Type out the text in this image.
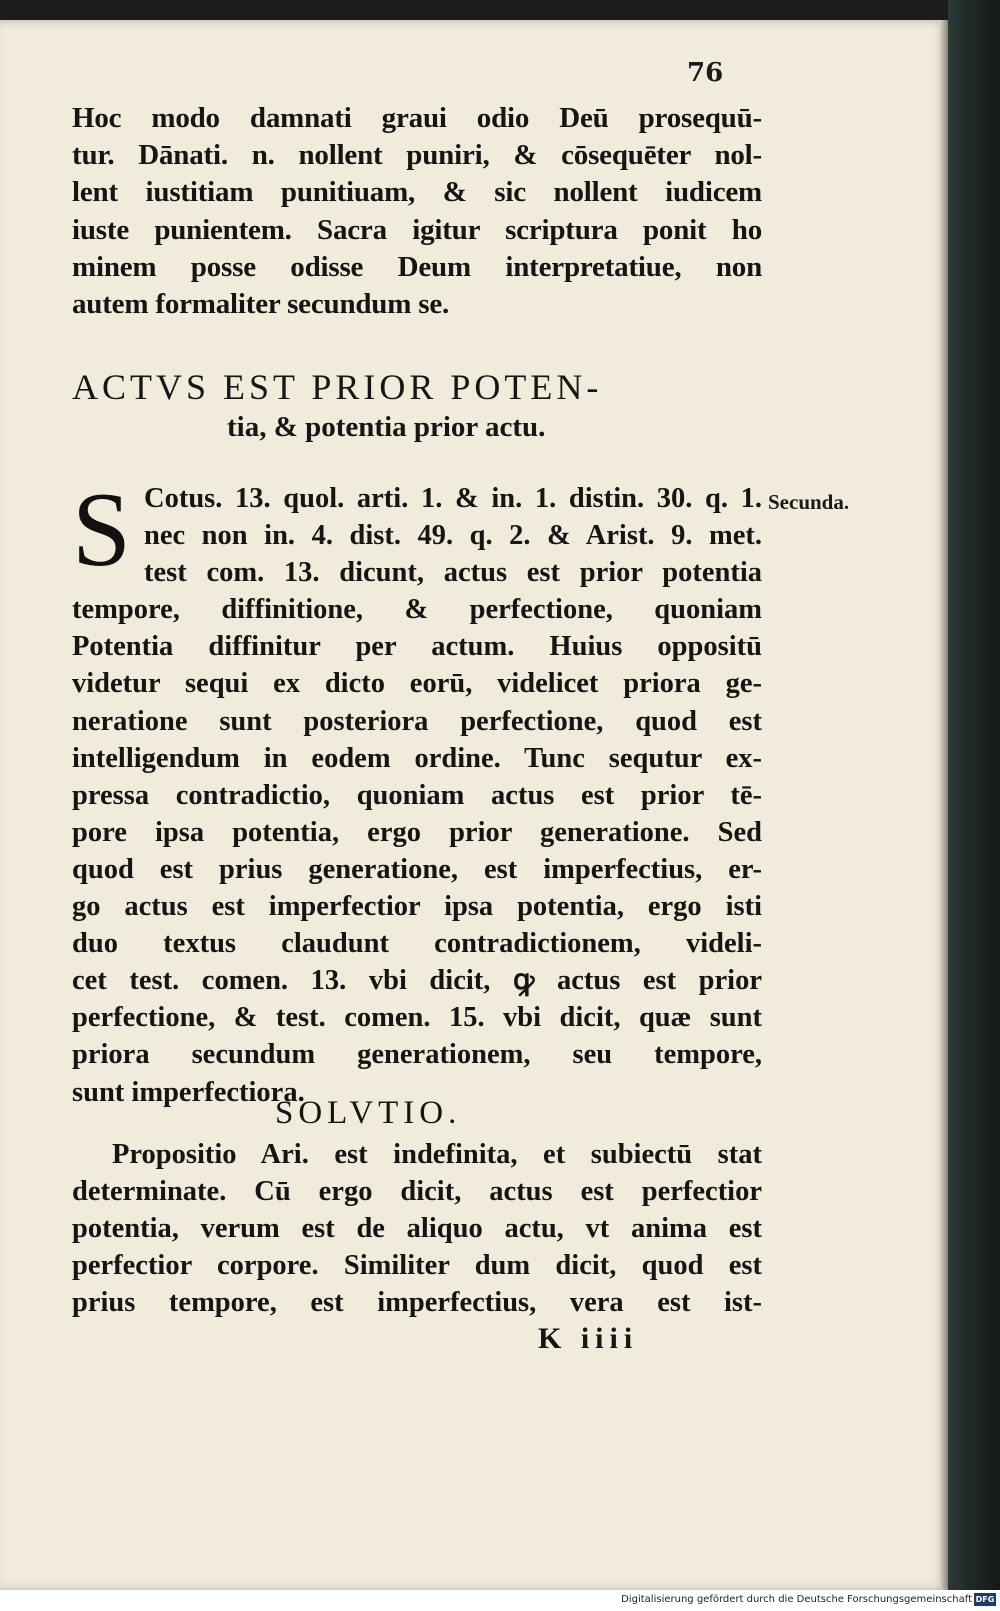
76
Hoc modo damnati graui odio Deū prosequū-
tur. Dānati. n. nollent puniri, & cōsequēter nol-
lent iustitiam punitiuam, & sic nollent iudicem
iuste punientem. Sacra igitur scriptura ponit ho
minem posse odisse Deum interpretatiue, non
autem formaliter secundum se.
ACTVS EST PRIOR POTEN-
tia, & potentia prior actu.
Secunda.
S Cotus. 13. quol. arti. 1. & in. 1. distin. 30. q. 1.
nec non in. 4. dist. 49. q. 2. & Arist. 9. met.
test com. 13. dicunt, actus est prior potentia
tempore, diffinitione, & perfectione, quoniam
Potentia diffinitur per actum. Huius oppositū
videtur sequi ex dicto eorū, videlicet priora ge-
neratione sunt posteriora perfectione, quod est
intelligendum in eodem ordine. Tunc sequtur ex-
pressa contradictio, quoniam actus est prior tē-
pore ipsa potentia, ergo prior generatione. Sed
quod est prius generatione, est imperfectius, er-
go actus est imperfectior ipsa potentia, ergo isti
duo textus claudunt contradictionem, videli-
cet test. comen. 13. vbi dicit, ꝙ actus est prior
perfectione, & test. comen. 15. vbi dicit, quæ sunt
priora secundum generationem, seu tempore,
sunt imperfectiora.
SOLVTIO.
Propositio Ari. est indefinita, et subiectū stat
determinate. Cū ergo dicit, actus est perfectior
potentia, verum est de aliquo actu, vt anima est
perfectior corpore. Similiter dum dicit, quod est
prius tempore, est imperfectius, vera est ist-
K iiii
Digitalisierung gefördert durch die Deutsche Forschungsgemeinschaft DFG
